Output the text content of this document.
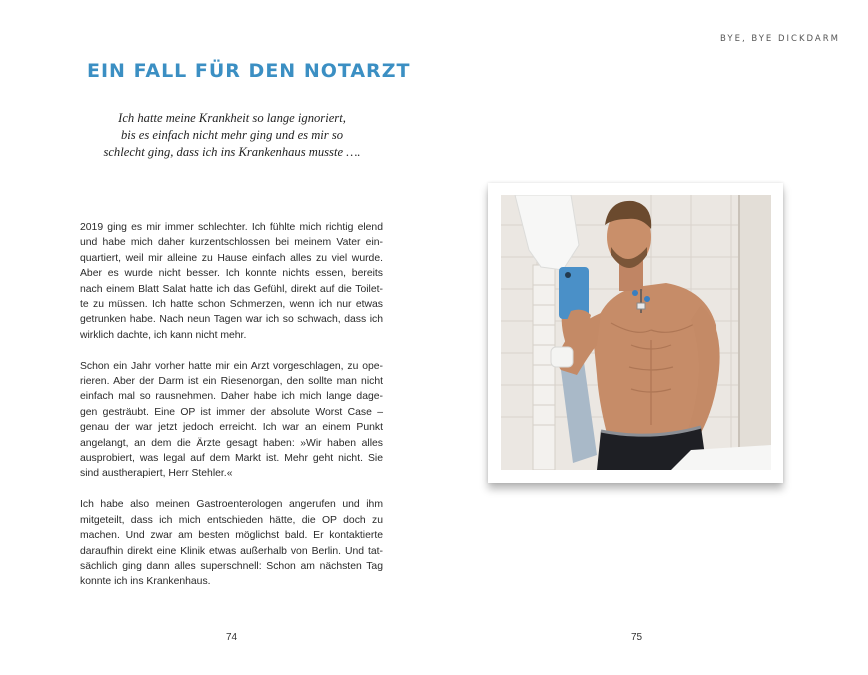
BYE, BYE DICKDARM
EIN FALL FÜR DEN NOTARZT

Ich hatte meine Krankheit so lange ignoriert,
bis es einfach nicht mehr ging und es mir so
schlecht ging, dass ich ins Krankenhaus musste ….

2019 ging es mir immer schlechter. Ich fühlte mich richtig elend
und habe mich daher kurzentschlossen bei meinem Vater ein-
quartiert, weil mir alleine zu Hause einfach alles zu viel wurde.
Aber es wurde nicht besser. Ich konnte nichts essen, bereits
nach einem Blatt Salat hatte ich das Gefühl, direkt auf die Toilet-
te zu müssen. Ich hatte schon Schmerzen, wenn ich nur etwas
getrunken habe. Nach neun Tagen war ich so schwach, dass ich
wirklich dachte, ich kann nicht mehr.

Schon ein Jahr vorher hatte mir ein Arzt vorgeschlagen, zu ope-
rieren. Aber der Darm ist ein Riesenorgan, den sollte man nicht
einfach mal so rausnehmen. Daher habe ich mich lange dage-
gen gesträubt. Eine OP ist immer der absolute Worst Case –
genau der war jetzt jedoch erreicht. Ich war an einem Punkt
angelangt, an dem die Ärzte gesagt haben: »Wir haben alles
ausprobiert, was legal auf dem Markt ist. Mehr geht nicht. Sie
sind austherapiert, Herr Stehler.«

Ich habe also meinen Gastroenterologen angerufen und ihm
mitgeteilt, dass ich mich entschieden hätte, die OP doch zu
machen. Und zwar am besten möglichst bald. Er kontaktierte
daraufhin direkt eine Klinik etwas außerhalb von Berlin. Und tat-
sächlich ging dann alles superschnell: Schon am nächsten Tag
konnte ich ins Krankenhaus.

74	75
